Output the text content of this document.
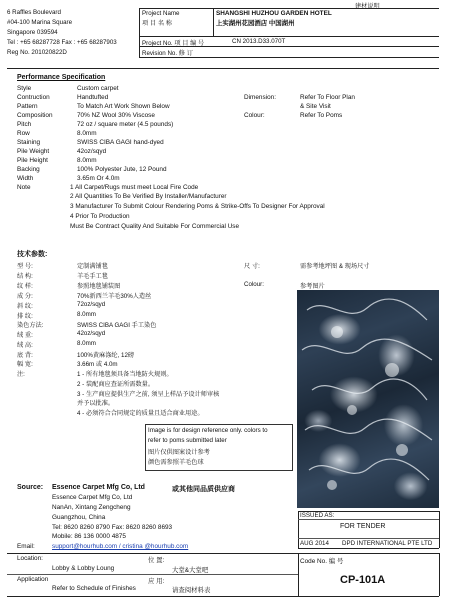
建材说明
6 Raffles Boulevard
#04-100 Marina Square
Singapore 039594
Tel : +65 68287728 Fax : +65 68287903
Reg No. 201020822D
Project Name
项 目 名 称
SHANGSHI HUZHOU GARDEN HOTEL
上实湖州花园酒店 中国湖州
Project No. 项 目 编 号	CN 2013.D33.070T
Revision No. 修 订
Performance Specification
Style	Custom carpet
Contruction	Handtufted
Pattern	To Match Art Work Shown Below
Composition	70% NZ Wool 30% Viscose
Pitch	72 oz / square meter (4.5 pounds)
Row	8.0mm
Staining	SWISS CIBA GAGI hand-dyed
Pile Weight	42oz/sqyd
Pile Height	8.0mm
Backing	100% Polyester Jute, 12 Pound
Width	3.65m Or 4.0m
Note	1 All Carpet/Rugs must meet Local Fire Code
2 All Quantities To Be Verified By Installer/Manufacturer
3 Manufacturer To Submit Colour Rendering Poms & Strike-Offs To Designer For Approval
4 Prior To Production
Must Be Contract Quality And Suitable For Commercial Use
Dimension:	Refer To Floor Plan
& Site Visit
Colour:	Refer To Poms
技术参数:
型 号:	定制满铺毯
结 构:	羊毛手工毯
纹 样:	参照地毯铺装图
成 分:	70%新西兰羊毛30%人造丝
斜 纹:	72oz/sqyd
排 纹:	8.0mm
染色方法:	SWISS CIBA GAGI 手工染色
绒 重:	42oz/sqyd
绒 高:	8.0mm
底 背:	100%黄麻涤纶, 12磅
幅 宽:	3.66m 或 4.0m
注:	1 - 所有地毯须具备当地防火规则。
2 - 装配商应查证所需数量。
3 - 生产商应提供生产之前, 须呈上样品予设计师审核
并予以批准。
4 - 必须符合合同规定的质量且适合商业用途。
尺 寸:	需参考地坪图 & 现场尺寸
Colour:	参考图片
Image is for design reference only. colors to
refer to poms submitted later
图片仅供图案设计参考
颜色需参照羊毛色球
Source: Essence Carpet Mfg Co, Ltd	或其他同品质供应商
Essence Carpet Mfg Co, Ltd
NanAn, Xintang Zengcheng
Guangzhou, China
Tel: 8620 8260 8790 Fax: 8620 8260 8693
Mobile: 86 136 0000 4875
Email:	support@hourhub.com / cristina @hourhub.com
ISSUED AS:
FOR TENDER
AUG 2014 DPD INTERNATIONAL PTE LTD
Location:	位 置:
Lobby & Lobby Loung	大堂&大堂吧
Application	应 用:
Refer to Schedule of Finishes	请查阅材料表
Code No. 编 号
CP-101A
